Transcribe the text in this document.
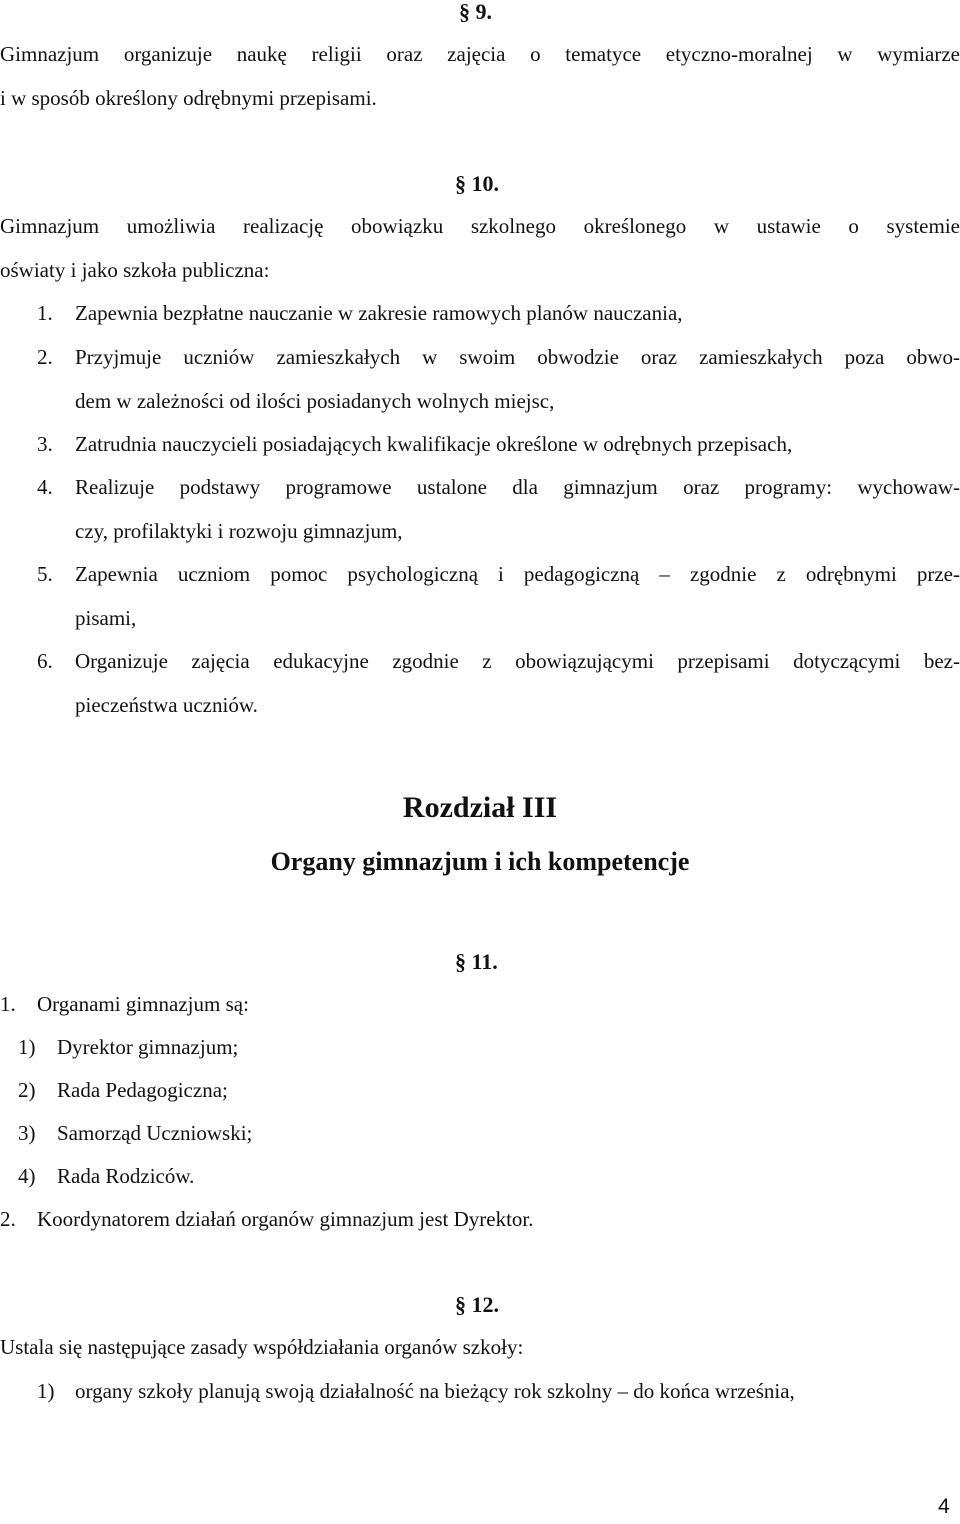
§ 9.
Gimnazjum organizuje naukę religii oraz zajęcia o tematyce etyczno-moralnej w wymiarze
i w sposób określony odrębnymi przepisami.
§ 10.
Gimnazjum umożliwia realizację obowiązku szkolnego określonego w ustawie o systemie
oświaty i jako szkoła publiczna:
1. Zapewnia bezpłatne nauczanie w zakresie ramowych planów nauczania,
2. Przyjmuje uczniów zamieszkałych w swoim obwodzie oraz zamieszkałych poza obwo-
dem w zależności od ilości posiadanych wolnych miejsc,
3. Zatrudnia nauczycieli posiadających kwalifikacje określone w odrębnych przepisach,
4. Realizuje podstawy programowe ustalone dla gimnazjum oraz programy: wychowaw-
czy, profilaktyki i rozwoju gimnazjum,
5. Zapewnia uczniom pomoc psychologiczną i pedagogiczną – zgodnie z odrębnymi prze-
pisami,
6. Organizuje zajęcia edukacyjne zgodnie z obowiązującymi przepisami dotyczącymi bez-
pieczeństwa uczniów.
Rozdział III
Organy gimnazjum i ich kompetencje
§ 11.
1. Organami gimnazjum są:
1) Dyrektor gimnazjum;
2) Rada Pedagogiczna;
3) Samorząd Uczniowski;
4) Rada Rodziców.
2. Koordynatorem działań organów gimnazjum jest Dyrektor.
§ 12.
Ustala się następujące zasady współdziałania organów szkoły:
1) organy szkoły planują swoją działalność na bieżący rok szkolny – do końca września,
4
